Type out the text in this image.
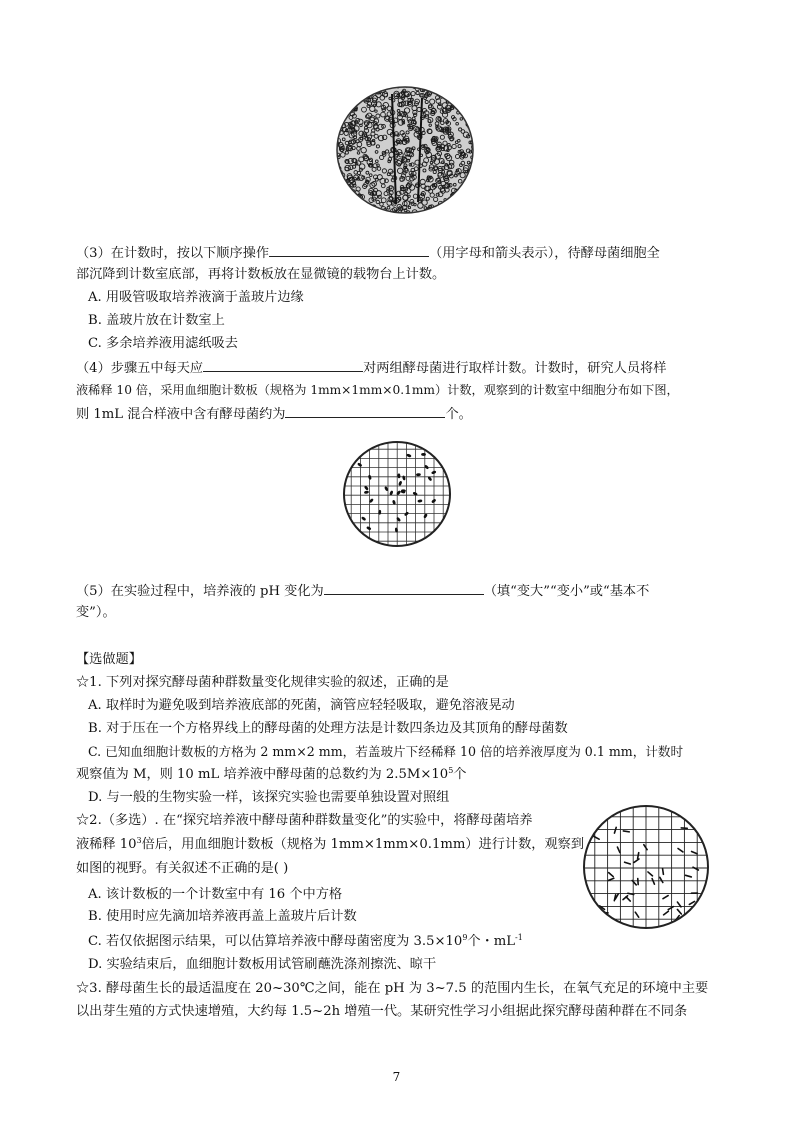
（3）在计数时，按以下顺序操作	（用字母和箭头表示），待酵母菌细胞全
部沉降到计数室底部，再将计数板放在显微镜的载物台上计数。
A. 用吸管吸取培养液滴于盖玻片边缘
B. 盖玻片放在计数室上
C. 多余培养液用滤纸吸去
（4）步骤五中每天应	对两组酵母菌进行取样计数。计数时，研究人员将样
液稀释 10 倍，采用血细胞计数板（规格为 1mm×1mm×0.1mm）计数，观察到的计数室中细胞分布如下图，
则 1mL 混合样液中含有酵母菌约为	个。
（5）在实验过程中，培养液的 pH 变化为	（填“变大”“变小”或“基本不
变”）。
【选做题】
☆1. 下列对探究酵母菌种群数量变化规律实验的叙述，正确的是
A. 取样时为避免吸到培养液底部的死菌，滴管应轻轻吸取，避免溶液晃动
B. 对于压在一个方格界线上的酵母菌的处理方法是计数四条边及其顶角的酵母菌数
C. 已知血细胞计数板的方格为 2 mm×2 mm，若盖玻片下经稀释 10 倍的培养液厚度为 0.1 mm，计数时
观察值为 M，则 10 mL 培养液中酵母菌的总数约为 $2.5M\times 10^5$个
D. 与一般的生物实验一样，该探究实验也需要单独设置对照组
☆2.（多选）. 在“探究培养液中酵母菌种群数量变化”的实验中，将酵母菌培养
液稀释 $10^3$倍后，用血细胞计数板（规格为 1mm×1mm×0.1mm）进行计数，观察到
如图的视野。有关叙述不正确的是( )
A. 该计数板的一个计数室中有 16 个中方格
B. 使用时应先滴加培养液再盖上盖玻片后计数
C. 若仅依据图示结果，可以估算培养液中酵母菌密度为 $3.5\times 10^9$个・$mL^{-1}$
D. 实验结束后，血细胞计数板用试管刷蘸洗涤剂擦洗、晾干
☆3. 酵母菌生长的最适温度在 20~30℃之间，能在 pH 为 3~7.5 的范围内生长，在氧气充足的环境中主要
以出芽生殖的方式快速增殖，大约每 1.5~2h 增殖一代。某研究性学习小组据此探究酵母菌种群在不同条
7
